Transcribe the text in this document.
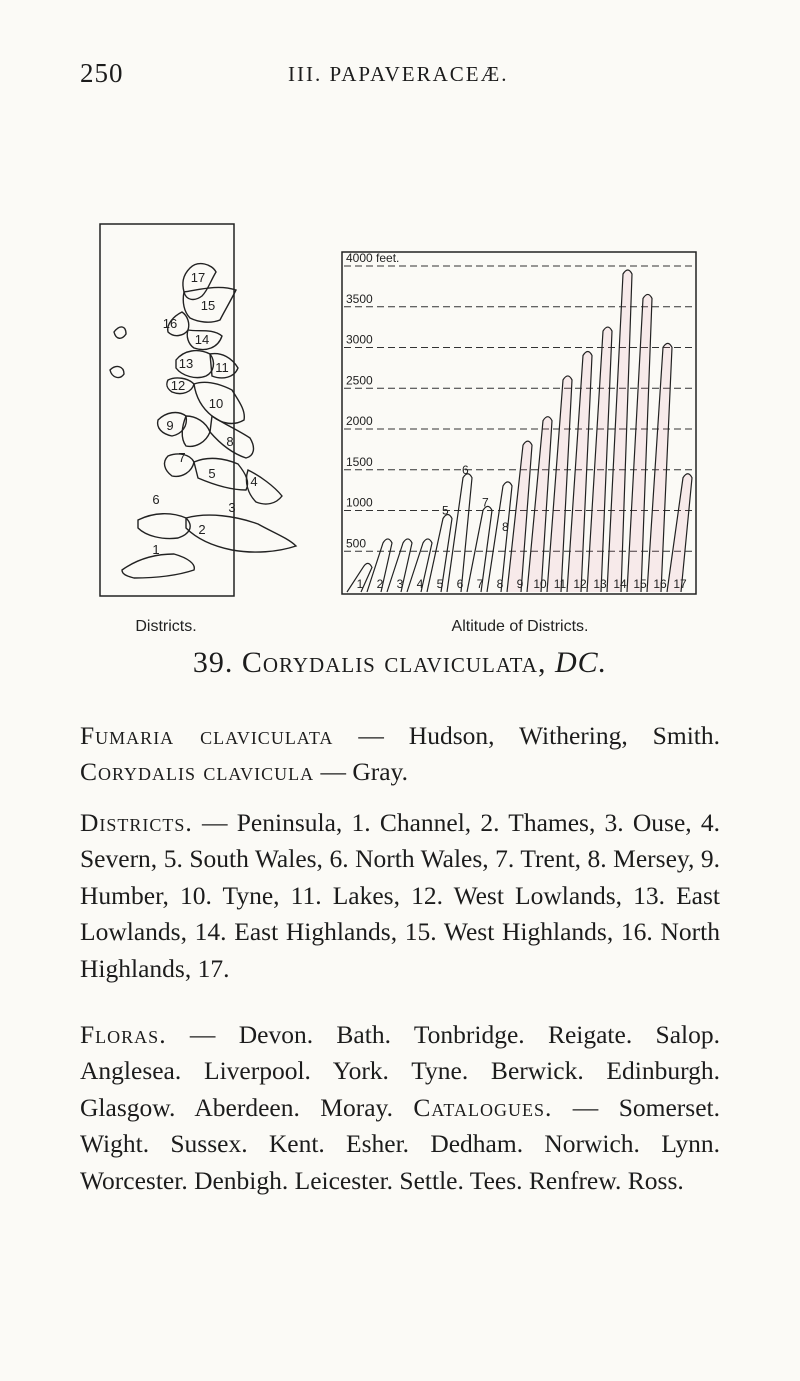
250	III. PAPAVERACEÆ.
17
15
16
14
13 11
12
10
9
8
7
5
4
6
3
2
1
4000 feet.
3500
3000
2500
2000
1500
1000
500
1 2 3 4 5 6 7 8 9 10 11 12 13 14 15 16 17
6
5
7
8
Districts.	Altitude of Districts.
39. Corydalis claviculata, DC.
Fumaria claviculata — Hudson, Withering, Smith.
Corydalis clavicula — Gray.

Districts. — Peninsula, 1. Channel, 2. Thames, 3. Ouse, 4. Severn, 5. South Wales, 6. North Wales, 7. Trent, 8. Mersey, 9. Humber, 10. Tyne, 11. Lakes, 12. West Lowlands, 13. East Lowlands, 14. East Highlands, 15. West Highlands, 16. North Highlands, 17.

Floras. — Devon. Bath. Tonbridge. Reigate. Salop. Anglesea. Liverpool. York. Tyne. Berwick. Edinburgh. Glasgow. Aberdeen. Moray. Catalogues. — Somerset. Wight. Sussex. Kent. Esher. Dedham. Norwich. Lynn. Worcester. Denbigh. Leicester. Settle. Tees. Renfrew. Ross.
